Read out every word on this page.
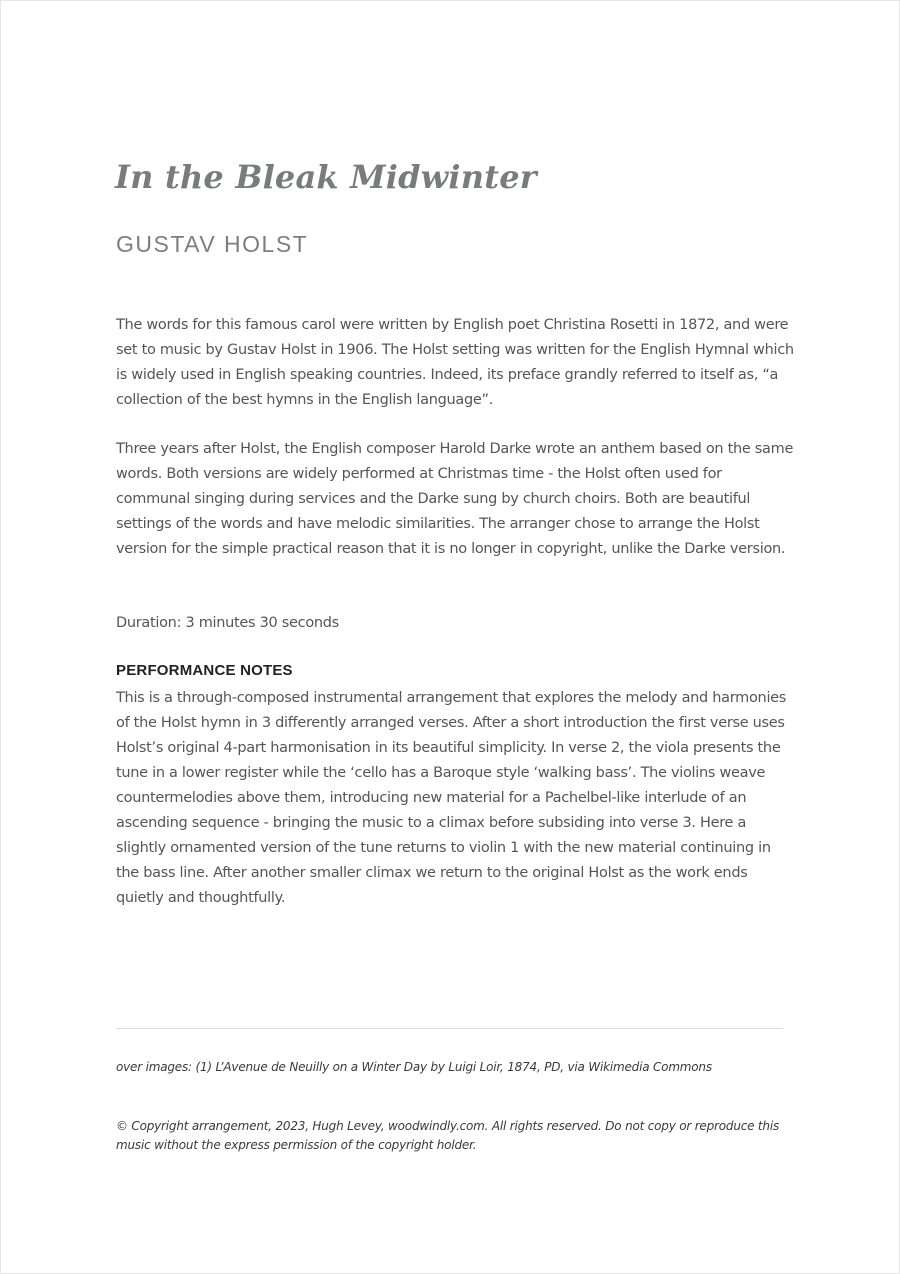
In the Bleak Midwinter
GUSTAV HOLST

The words for this famous carol were written by English poet Christina Rosetti in 1872, and were set to music by Gustav Holst in 1906. The Holst setting was written for the English Hymnal which is widely used in English speaking countries. Indeed, its preface grandly referred to itself as, “a collection of the best hymns in the English language”.

Three years after Holst, the English composer Harold Darke wrote an anthem based on the same words. Both versions are widely performed at Christmas time - the Holst often used for communal singing during services and the Darke sung by church choirs. Both are beautiful settings of the words and have melodic similarities. The arranger chose to arrange the Holst version for the simple practical reason that it is no longer in copyright, unlike the Darke version.

Duration: 3 minutes 30 seconds

PERFORMANCE NOTES

This is a through-composed instrumental arrangement that explores the melody and harmonies of the Holst hymn in 3 differently arranged verses. After a short introduction the first verse uses Holst’s original 4-part harmonisation in its beautiful simplicity. In verse 2, the viola presents the tune in a lower register while the ‘cello has a Baroque style ‘walking bass’. The violins weave countermelodies above them, introducing new material for a Pachelbel-like interlude of an ascending sequence - bringing the music to a climax before subsiding into verse 3. Here a slightly ornamented version of the tune returns to violin 1 with the new material continuing in the bass line. After another smaller climax we return to the original Holst as the work ends quietly and thoughtfully.

over images: (1) L’Avenue de Neuilly on a Winter Day by Luigi Loir, 1874, PD, via Wikimedia Commons

© Copyright arrangement, 2023, Hugh Levey, woodwindly.com. All rights reserved. Do not copy or reproduce this music without the express permission of the copyright holder.
